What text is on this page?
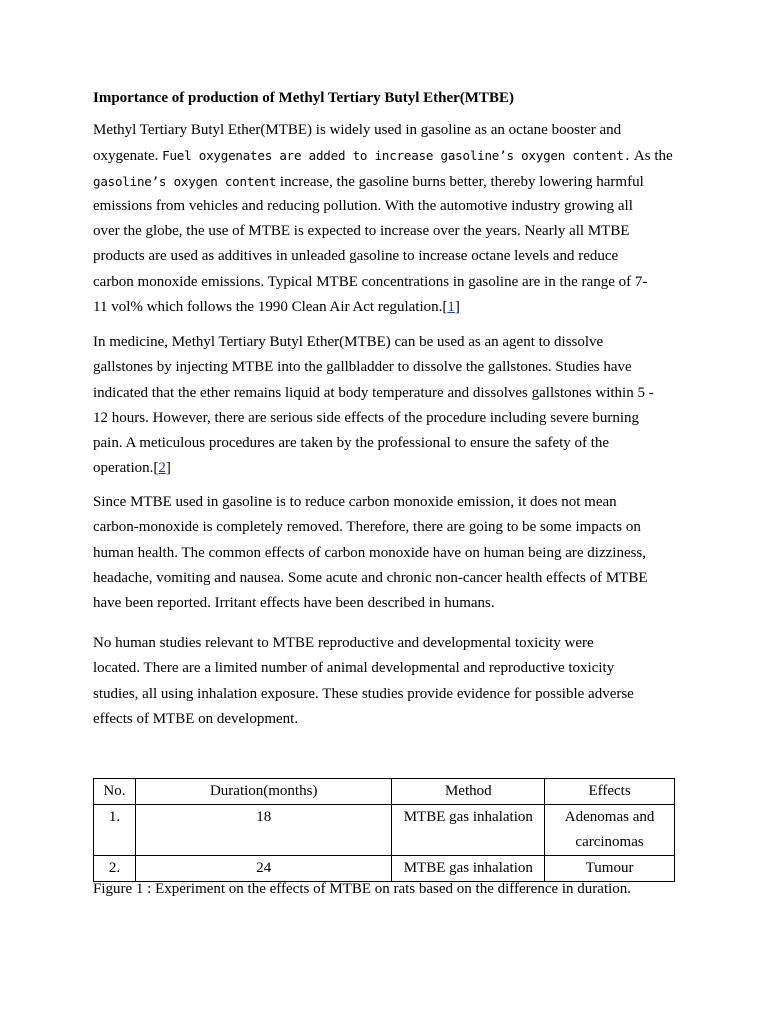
Importance of production of Methyl Tertiary Butyl Ether(MTBE)

Methyl Tertiary Butyl Ether(MTBE) is widely used in gasoline as an octane booster and
oxygenate. Fuel oxygenates are added to increase gasoline’s oxygen content. As the
gasoline’s oxygen content increase, the gasoline burns better, thereby lowering harmful
emissions from vehicles and reducing pollution. With the automotive industry growing all
over the globe, the use of MTBE is expected to increase over the years. Nearly all MTBE
products are used as additives in unleaded gasoline to increase octane levels and reduce
carbon monoxide emissions. Typical MTBE concentrations in gasoline are in the range of 7-
11 vol% which follows the 1990 Clean Air Act regulation.[1]

In medicine, Methyl Tertiary Butyl Ether(MTBE) can be used as an agent to dissolve
gallstones by injecting MTBE into the gallbladder to dissolve the gallstones. Studies have
indicated that the ether remains liquid at body temperature and dissolves gallstones within 5 -
12 hours. However, there are serious side effects of the procedure including severe burning
pain. A meticulous procedures are taken by the professional to ensure the safety of the
operation.[2]

Since MTBE used in gasoline is to reduce carbon monoxide emission, it does not mean
carbon-monoxide is completely removed. Therefore, there are going to be some impacts on
human health. The common effects of carbon monoxide have on human being are dizziness,
headache, vomiting and nausea. Some acute and chronic non-cancer health effects of MTBE
have been reported. Irritant effects have been described in humans.

No human studies relevant to MTBE reproductive and developmental toxicity were
located. There are a limited number of animal developmental and reproductive toxicity
studies, all using inhalation exposure. These studies provide evidence for possible adverse
effects of MTBE on development.

No.	Duration(months)	Method	Effects
1.	18	MTBE gas inhalation	Adenomas and
carcinomas

2.	24	MTBE gas inhalation	Tumour
Figure 1 : Experiment on the effects of MTBE on rats based on the difference in duration.
